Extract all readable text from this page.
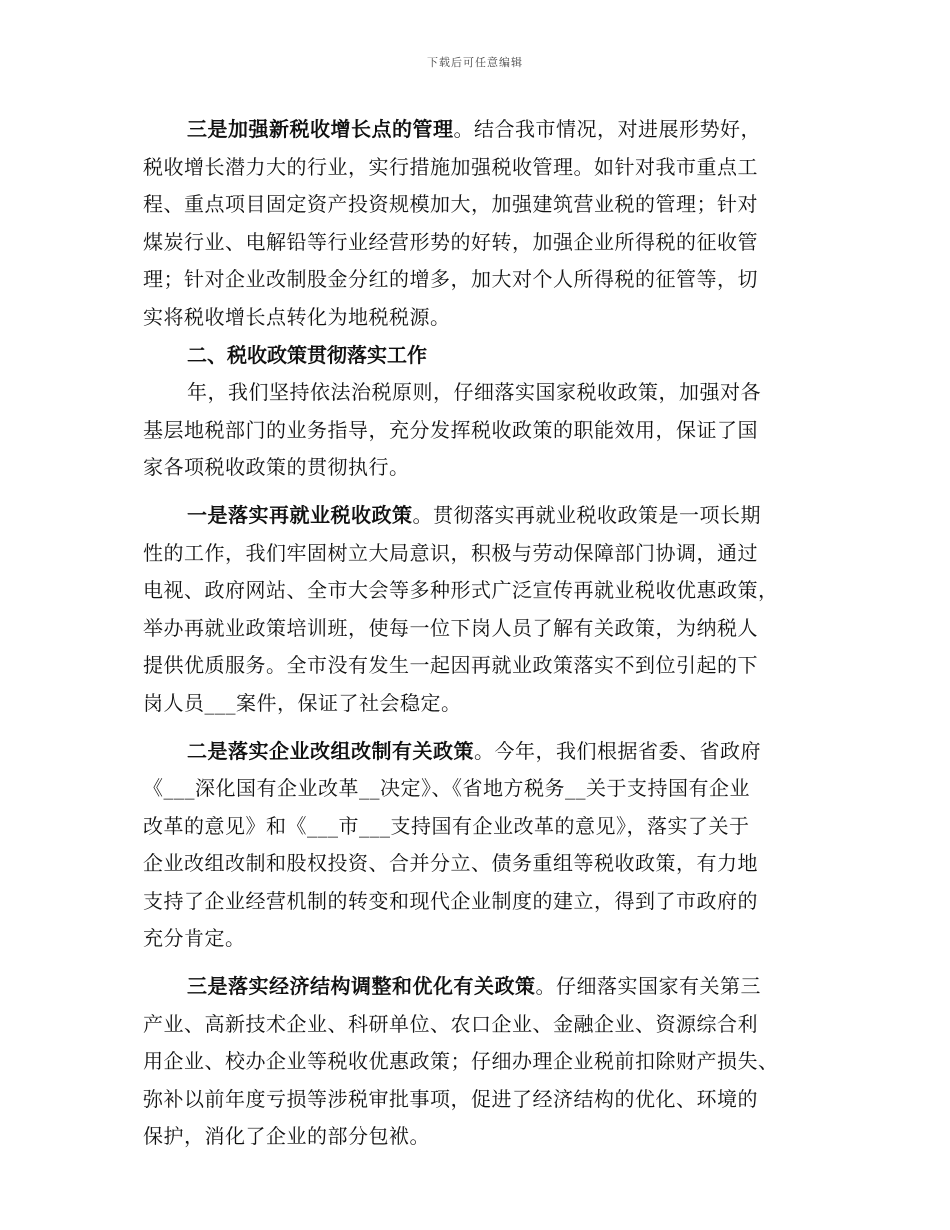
下载后可任意编辑

三是加强新税收增长点的管理。结合我市情况，对进展形势好，
税收增长潜力大的行业，实行措施加强税收管理。如针对我市重点工
程、重点项目固定资产投资规模加大，加强建筑营业税的管理；针对
煤炭行业、电解铅等行业经营形势的好转，加强企业所得税的征收管
理；针对企业改制股金分红的增多，加大对个人所得税的征管等，切
实将税收增长点转化为地税税源。

二、税收政策贯彻落实工作

年，我们坚持依法治税原则，仔细落实国家税收政策，加强对各
基层地税部门的业务指导，充分发挥税收政策的职能效用，保证了国
家各项税收政策的贯彻执行。

一是落实再就业税收政策。贯彻落实再就业税收政策是一项长期
性的工作，我们牢固树立大局意识，积极与劳动保障部门协调，通过
电视、政府网站、全市大会等多种形式广泛宣传再就业税收优惠政策，
举办再就业政策培训班，使每一位下岗人员了解有关政策，为纳税人
提供优质服务。全市没有发生一起因再就业政策落实不到位引起的下
岗人员___案件，保证了社会稳定。

二是落实企业改组改制有关政策。今年，我们根据省委、省政府
《___深化国有企业改革__决定》、《省地方税务__关于支持国有企业
改革的意见》和《___市___支持国有企业改革的意见》，落实了关于
企业改组改制和股权投资、合并分立、债务重组等税收政策，有力地
支持了企业经营机制的转变和现代企业制度的建立，得到了市政府的
充分肯定。

三是落实经济结构调整和优化有关政策。仔细落实国家有关第三
产业、高新技术企业、科研单位、农口企业、金融企业、资源综合利
用企业、校办企业等税收优惠政策；仔细办理企业税前扣除财产损失、
弥补以前年度亏损等涉税审批事项，促进了经济结构的优化、环境的
保护，消化了企业的部分包袱。
